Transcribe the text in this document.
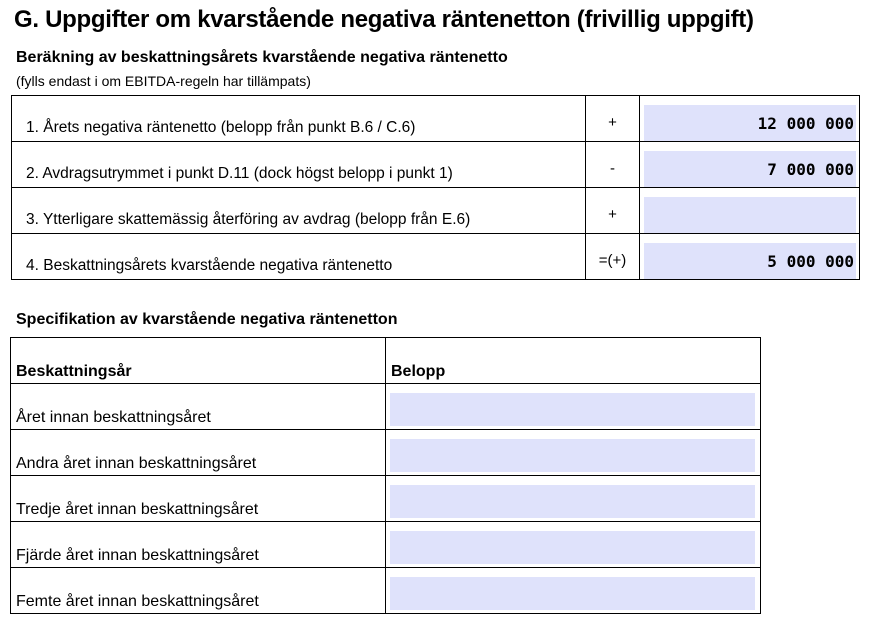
G. Uppgifter om kvarstående negativa räntenetton (frivillig uppgift)
Beräkning av beskattningsårets kvarstående negativa räntenetto
(fylls endast i om EBITDA-regeln har tillämpats)
1. Årets negativa räntenetto (belopp från punkt B.6 / C.6)	+	12 000 000
2. Avdragsutrymmet i punkt D.11 (dock högst belopp i punkt 1)	-	7 000 000
3. Ytterligare skattemässig återföring av avdrag (belopp från E.6)	+
4. Beskattningsårets kvarstående negativa räntenetto	=(+)	5 000 000
Specifikation av kvarstående negativa räntenetton
Beskattningsår	Belopp
Året innan beskattningsåret
Andra året innan beskattningsåret
Tredje året innan beskattningsåret
Fjärde året innan beskattningsåret
Femte året innan beskattningsåret
